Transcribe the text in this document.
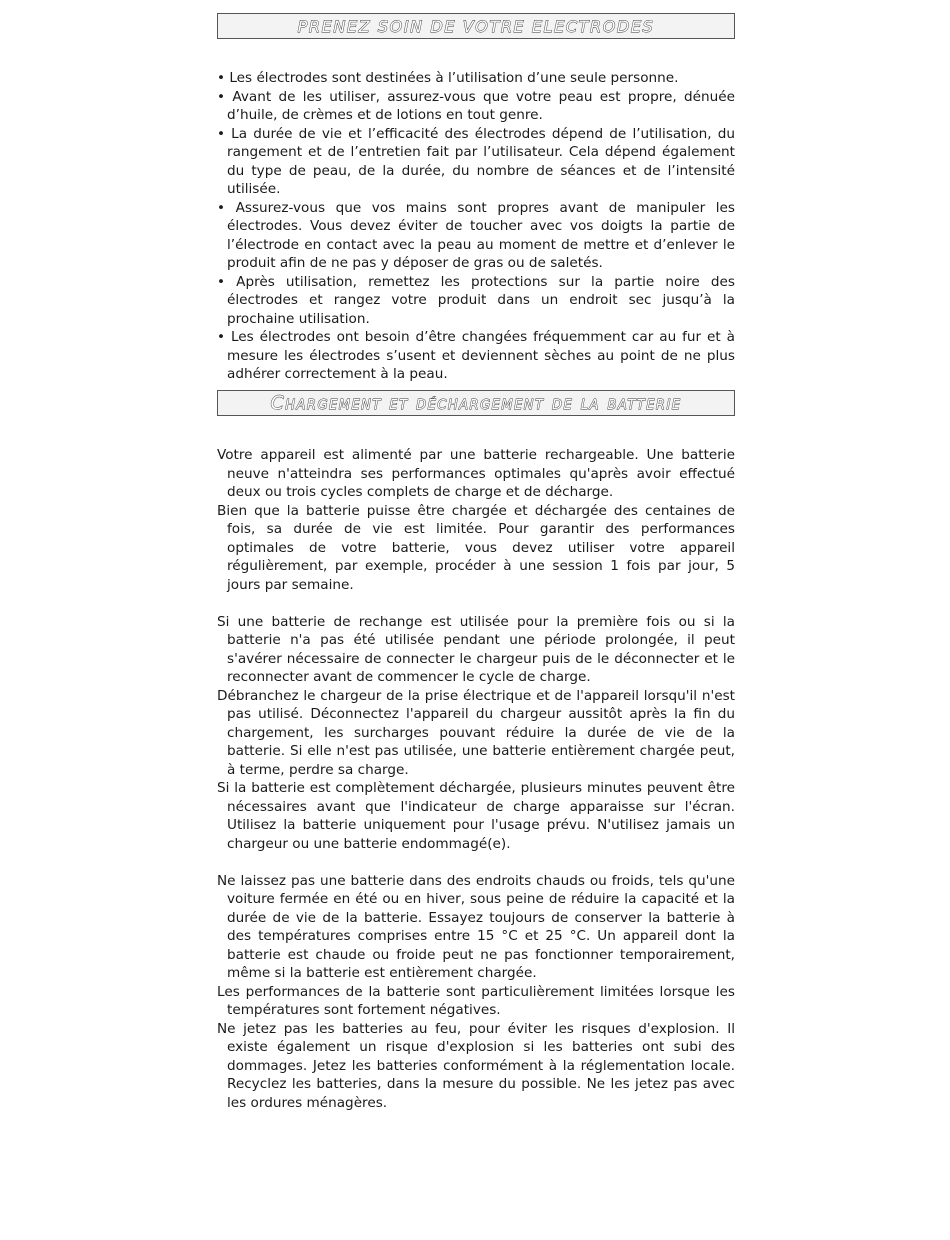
PRENEZ SOIN DE VOTRE ELECTRODES

• Les électrodes sont destinées à l’utilisation d’une seule personne.

• Avant de les utiliser, assurez-vous que votre peau est propre, dénuée d’huile, de crèmes et de lotions en tout genre.

• La durée de vie et l’efficacité des électrodes dépend de l’utilisation, du rangement et de l’entretien fait par l’utilisateur. Cela dépend également du type de peau, de la durée, du nombre de séances et de l’intensité utilisée.

• Assurez-vous que vos mains sont propres avant de manipuler les électrodes. Vous devez éviter de toucher avec vos doigts la partie de l’électrode en contact avec la peau au moment de mettre et d’enlever le produit afin de ne pas y déposer de gras ou de saletés.

• Après utilisation, remettez les protections sur la partie noire des électrodes et rangez votre produit dans un endroit sec jusqu’à la prochaine utilisation.

• Les électrodes ont besoin d’être changées fréquemment car au fur et à mesure les électrodes s’usent et deviennent sèches au point de ne plus adhérer correctement à la peau.

Chargement et déchargement de la batterie

Votre appareil est alimenté par une batterie rechargeable. Une batterie neuve n'atteindra ses performances optimales qu'après avoir effectué deux ou trois cycles complets de charge et de décharge.

Bien que la batterie puisse être chargée et déchargée des centaines de fois, sa durée de vie est limitée. Pour garantir des performances optimales de votre batterie, vous devez utiliser votre appareil régulièrement, par exemple, procéder à une session 1 fois par jour, 5 jours par semaine.

Si une batterie de rechange est utilisée pour la première fois ou si la batterie n'a pas été utilisée pendant une période prolongée, il peut s'avérer nécessaire de connecter le chargeur puis de le déconnecter et le reconnecter avant de commencer le cycle de charge.

Débranchez le chargeur de la prise électrique et de l'appareil lorsqu'il n'est pas utilisé. Déconnectez l'appareil du chargeur aussitôt après la fin du chargement, les surcharges pouvant réduire la durée de vie de la batterie. Si elle n'est pas utilisée, une batterie entièrement chargée peut, à terme, perdre sa charge.

Si la batterie est complètement déchargée, plusieurs minutes peuvent être nécessaires avant que l'indicateur de charge apparaisse sur l'écran. Utilisez la batterie uniquement pour l'usage prévu. N'utilisez jamais un chargeur ou une batterie endommagé(e).

Ne laissez pas une batterie dans des endroits chauds ou froids, tels qu'une voiture fermée en été ou en hiver, sous peine de réduire la capacité et la durée de vie de la batterie. Essayez toujours de conserver la batterie à des températures comprises entre 15 °C et 25 °C. Un appareil dont la batterie est chaude ou froide peut ne pas fonctionner temporairement, même si la batterie est entièrement chargée.

Les performances de la batterie sont particulièrement limitées lorsque les températures sont fortement négatives.

Ne jetez pas les batteries au feu, pour éviter les risques d'explosion. Il existe également un risque d'explosion si les batteries ont subi des dommages. Jetez les batteries conformément à la réglementation locale. Recyclez les batteries, dans la mesure du possible. Ne les jetez pas avec les ordures ménagères.
